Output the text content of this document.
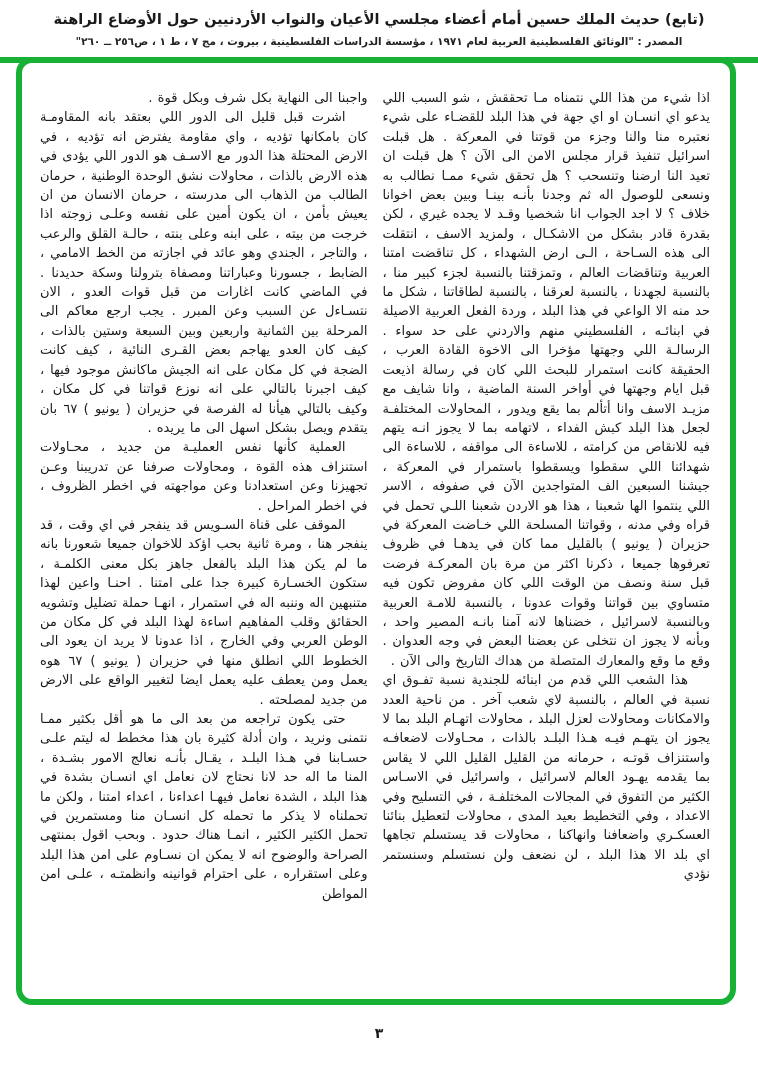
(تابع) حديث الملك حسين أمام أعضاء مجلسي الأعيان والنواب الأردنيين حول الأوضاع الراهنة
المصدر : "الوثائق الفلسطينية العربية لعام ١٩٧١ ، مؤسسة الدراسات الفلسطينية ، بيروت ، مج ٧ ، ط ١ ، ص٢٥٦ ــ ٢٦٠"

اذا شيء من هذا اللي نتمناه مـا تحققش ، شو السبب اللي يدعو اي انسـان او اي جهة في هذا البلد للقضـاء على شيء نعتبره منا والنا وجزء من قوتنا في المعركة . هل قبلت اسرائيل تنفيذ قرار مجلس الامن الى الآن ؟ هل قبلت ان تعيد النا ارضنا وتنسحب ؟ هل تحقق شيء ممـا نطالب به ونسعى للوصول اله ثم وجدنا بأنـه بينـا وبين بعض اخوانا خلاف ؟ لا اجد الجواب انا شخصيا وقـد لا يجده غيري ، لكن بقدرة قادر بشكل من الاشكـال ، ولمزيد الاسف ، انتقلت الى هذه السـاحة ، الـى ارض الشهداء ، كل تناقضت امتنا العربية وتناقضات العالم ، وتمزقتنا بالنسبة لجزء كبير منا ، بالنسبة لجهدنا ، بالنسبة لعرقنا ، بالنسبة لطاقاتنا ، شكل ما حد منه الا الواعي في هذا البلد ، وردة الفعل العربية الاصيلة في ابنائـه ، الفلسطيني منهم والاردني على حد سواء . الرسالـة اللي وجهتها مؤخرا الى الاخوة القادة العرب ، الحقيقة كانت استمرار للبحث اللي كان في رسالة اذيعت قبل ايام وجهتها في أواخر السنة الماضية ، وانا شايف مع مزيـد الاسف وانا أتألم بما يقع ويدور ، المحاولات المختلفـة لجعل هذا البلد كبش الفداء ، لاتهامه بما لا يجوز انـه يتهم فيه للانقاص من كرامته ، للاساءة الى مواقفه ، للاساءة الى شهدائنا اللي سقطوا ويسقطوا باستمرار في المعركة ، جيشنا السبعين الف المتواجدين الآن في صفوفه ، الاسر اللي ينتموا الها شعبنا ، هذا هو الاردن شعبنا اللـي تحمل في قراه وفي مدنه ، وقواتنا المسلحة اللي خـاضت المعركة في حزيران ( يونيو ) بالقليل مما كان في يدهـا في ظروف تعرفوها جميعا ، ذكرنا اكثر من مرة بان المعركـة فرضت قبل سنة ونصف من الوقت اللي كان مفروض تكون فيه متساوي بين قواتنا وقوات عدونا ، بالنسبة للامـة العربية وبالنسبة لاسرائيل ، خضناها لانه آمنا بانـه المصير واحد ، وبأنه لا يجوز ان نتخلى عن بعضنا البعض في وجه العدوان . وقع ما وقع والمعارك المتصلة من هداك التاريخ والى الآن .

هذا الشعب اللي قدم من ابنائه للجندية نسبة تفـوق اي نسبة في العالم ، بالنسبة لاي شعب آخر . من ناحية العدد والامكانات ومحاولات لعزل البلد ، محاولات اتهـام البلد بما لا يجوز ان يتهـم فيـه هـذا البلـد بالذات ، محـاولات لاضعافـه واستنزاف قوتـه ، حرمانه من القليل القليل اللي لا يقاس بما يقدمه يهـود العالم لاسرائيل ، واسرائيل في الاسـاس الكثير من التفوق في المجالات المختلفـة ، في التسليح وفي الاعداد ، وفي التخطيط بعيد المدى ، محاولات لتعطيل بنائنا العسكـري واضعافنا وانهاكنا ، محاولات قد يستسلم تجاهها اي بلد الا هذا البلد ، لن نضعف ولن نستسلم وسنستمر نؤدي

واجبنا الى النهاية بكل شرف وبكل قوة .

اشرت قبل قليل الى الدور اللي بعتقد بانه المقاومـة كان بامكانها تؤديه ، واي مقاومة يفترض انه تؤديه ، في الارض المحتلة هذا الدور مع الاسـف هو الدور اللي يؤدى في هذه الارض بالذات ، محاولات نشق الوحدة الوطنية ، حرمان الطالب من الذهاب الى مدرسته ، حرمان الانسان من ان يعيش بأمن ، ان يكون أمين على نفسه وعلـى زوجته اذا خرجت من بيته ، على ابنه وعلى بنته ، حالـة القلق والرعب ، والتاجر ، الجندي وهو عائد في اجازته من الخط الامامي ، الضابط ، جسورنا وعباراتنا ومصفاة بترولنا وسكة حديدنا . في الماضي كانت اغارات من قبل قوات العدو ، الان نتسـاءل عن السبب وعن المبرر . يجب ارجع معاكم الى المرحلة بين الثمانية واربعين وبين السبعة وستين بالذات ، كيف كان العدو يهاجم بعض القـرى النائية ، كيف كانت الضجة في كل مكان على انه الجيش ماكانش موجود فيها ، كيف اجبرنا بالتالي على انه نوزع قواتنا في كل مكان ، وكيف بالتالي هيأنا له الفرصة في حزيران ( يونيو ) ٦٧ بان يتقدم ويصل بشكل اسهل الى ما يريده .

العملية كأنها نفس العمليـة من جديد ، محـاولات استنزاف هذه القوة ، ومحاولات صرفنا عن تدريبنا وعـن تجهيزنا وعن استعدادنا وعن مواجهته في اخطر الظروف ، في اخطر المراحل .

الموقف على قناة السـويس قد ينفجر في اي وقت ، قد ينفجر هنا ، ومرة ثانية بحب اؤكد للاخوان جميعا شعورنا بانه ما لم يكن هذا البلد بالفعل جاهز بكل معنى الكلمـة ، ستكون الخسـارة كبيرة جدا على امتنا . احنـا واعين لهذا متنبهين اله وننبه اله في استمرار ، انهـا حملة تضليل وتشويه الحقائق وقلب المفاهيم اساءة لهذا البلد في كل مكان من الوطن العربي وفي الخارج ، اذا عدونا لا يريد ان يعود الى الخطوط اللي انطلق منها في حزيران ( يونيو ) ٦٧ هوه يعمل ومن يعطف عليه يعمل ايضا لتغيير الواقع على الارض من جديد لمصلحته .

حتى يكون تراجعه من بعد الى ما هو أقل بكثير ممـا نتمنى ونريد ، وان أدلة كثيرة بان هذا مخطط له ليتم علـى حسـابنا في هـذا البلـد ، يقـال بأنـه نعالج الامور بشـدة ، المنا ما اله حد لانا نحتاج لان نعامل اي انسـان بشدة في هذا البلد ، الشدة نعامل فيهـا اعداءنا ، اعداء امتنا ، ولكن ما تحملناه لا يذكر ما تحمله كل انسـان منا ومستمرين في تحمل الكثير الكثير ، انمـا هناك حدود . وبحب اقول بمنتهى الصراحة والوضوح انه لا يمكن ان نسـاوم على امن هذا البلد وعلى استقراره ، على احترام قوانينه وانظمتـه ، علـى امن المواطن

٣
